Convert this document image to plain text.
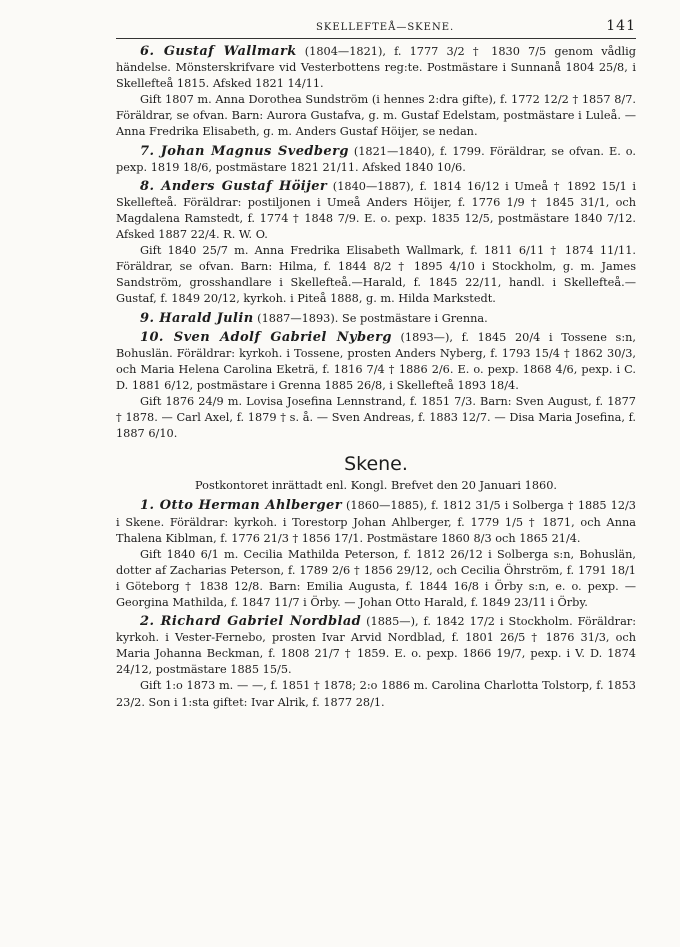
SKELLEFTEÅ—SKENE.	141

6. Gustaf Wallmark (1804—1821), f. 1777 3/2 † 1830 7/5 genom vådlig händelse. Mönsterskrifvare vid Vesterbottens reg:te. Postmästare i Sunnanå 1804 25/8, i Skellefteå 1815. Afsked 1821 14/11.

Gift 1807 m. Anna Dorothea Sundström (i hennes 2:dra gifte), f. 1772 12/2 † 1857 8/7. Föräldrar, se ofvan. Barn: Aurora Gustafva, g. m. Gustaf Edelstam, postmästare i Luleå. — Anna Fredrika Elisabeth, g. m. Anders Gustaf Höijer, se nedan.

7. Johan Magnus Svedberg (1821—1840), f. 1799. Föräldrar, se ofvan. E. o. pexp. 1819 18/6, postmästare 1821 21/11. Afsked 1840 10/6.

8. Anders Gustaf Höijer (1840—1887), f. 1814 16/12 i Umeå † 1892 15/1 i Skellefteå. Föräldrar: postiljonen i Umeå Anders Höijer, f. 1776 1/9 † 1845 31/1, och Magdalena Ramstedt, f. 1774 † 1848 7/9. E. o. pexp. 1835 12/5, postmästare 1840 7/12. Afsked 1887 22/4. R. W. O.

Gift 1840 25/7 m. Anna Fredrika Elisabeth Wallmark, f. 1811 6/11 † 1874 11/11. Föräldrar, se ofvan. Barn: Hilma, f. 1844 8/2 † 1895 4/10 i Stockholm, g. m. James Sandström, grosshandlare i Skellefteå.—Harald, f. 1845 22/11, handl. i Skellefteå.—Gustaf, f. 1849 20/12, kyrkoh. i Piteå 1888, g. m. Hilda Markstedt.

9. Harald Julin (1887—1893). Se postmästare i Grenna.

10. Sven Adolf Gabriel Nyberg (1893—), f. 1845 20/4 i Tossene s:n, Bohuslän. Föräldrar: kyrkoh. i Tossene, prosten Anders Nyberg, f. 1793 15/4 † 1862 30/3, och Maria Helena Carolina Eketrä, f. 1816 7/4 † 1886 2/6. E. o. pexp. 1868 4/6, pexp. i C. D. 1881 6/12, postmästare i Grenna 1885 26/8, i Skellefteå 1893 18/4.

Gift 1876 24/9 m. Lovisa Josefina Lennstrand, f. 1851 7/3. Barn: Sven August, f. 1877 † 1878. — Carl Axel, f. 1879 † s. å. — Sven Andreas, f. 1883 12/7. — Disa Maria Josefina, f. 1887 6/10.

Skene.

Postkontoret inrättadt enl. Kongl. Brefvet den 20 Januari 1860.

1. Otto Herman Ahlberger (1860—1885), f. 1812 31/5 i Solberga † 1885 12/3 i Skene. Föräldrar: kyrkoh. i Torestorp Johan Ahlberger, f. 1779 1/5 † 1871, och Anna Thalena Kiblman, f. 1776 21/3 † 1856 17/1. Postmästare 1860 8/3 och 1865 21/4.

Gift 1840 6/1 m. Cecilia Mathilda Peterson, f. 1812 26/12 i Solberga s:n, Bohuslän, dotter af Zacharias Peterson, f. 1789 2/6 † 1856 29/12, och Cecilia Öhrström, f. 1791 18/1 i Göteborg † 1838 12/8. Barn: Emilia Augusta, f. 1844 16/8 i Örby s:n, e. o. pexp. — Georgina Mathilda, f. 1847 11/7 i Örby. — Johan Otto Harald, f. 1849 23/11 i Örby.

2. Richard Gabriel Nordblad (1885—), f. 1842 17/2 i Stockholm. Föräldrar: kyrkoh. i Vester-Fernebo, prosten Ivar Arvid Nordblad, f. 1801 26/5 † 1876 31/3, och Maria Johanna Beckman, f. 1808 21/7 † 1859. E. o. pexp. 1866 19/7, pexp. i V. D. 1874 24/12, postmästare 1885 15/5.

Gift 1:o 1873 m. — —, f. 1851 † 1878; 2:o 1886 m. Carolina Charlotta Tolstorp, f. 1853 23/2. Son i 1:sta giftet: Ivar Alrik, f. 1877 28/1.
